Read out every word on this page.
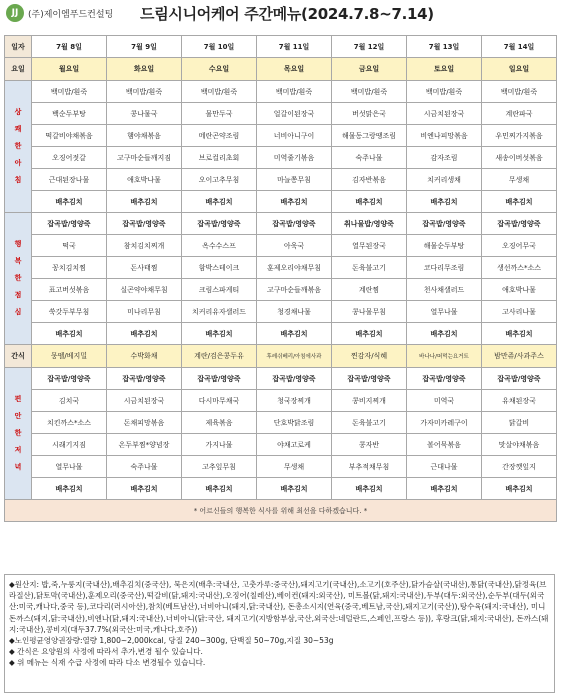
JJ	(주)제이엠푸드컨설팅 드림시니어케어 주간메뉴(2024.7.8~7.14)
일자	7월 8일	7월 9일	7월 10일	7월 11일	7월 12일	7월 13일	7월 14일
요일	월요일	화요일	수요일	목요일	금요일	토요일	일요일
상
쾌
한
아
침	백미밥/흰죽	백미밥/흰죽	백미밥/흰죽	백미밥/흰죽	백미밥/흰죽	백미밥/흰죽	백미밥/흰죽
	백순두부탕	콩나물국	물만두국	얼갈이된장국	버섯맑은국	시금치된장국	계란파국
	떡갈비야채볶음	햄야채볶음	메란곤약조림	너비아니구이	해물동그랑땡조림	비엔나피망볶음	우민찌가지볶음
	오징어젓갈	고구마순들깨지짐	브로컬리초회	미역줄기볶음	숙주나물	감자조림	새송이버섯볶음
	근대된장나물	애호박나물	오이고추무침	마늘쫑무침	김자반볶음	치커리생채	무생채
	배추김치	배추김치	배추김치	배추김치	배추김치	배추김치	배추김치
행
복
한
점
심	잡곡밥/영양죽	잡곡밥/영양죽	잡곡밥/영양죽	잡곡밥/영양죽	취나물밥/영양죽	잡곡밥/영양죽	잡곡밥/영양죽
	떡국	참치김치찌개	옥수수스프	아욱국	열무된장국	해물순두부탕	오징어무국
	꽁치김치찜	돈사태찜	함박스테이크	훈제오리야채무침	돈육불고기	코다리무조림	생선까스*소스
	표고버섯볶음	실곤약야채무침	크림스파게티	고구마순들깨볶음	계란찜	천사채샐러드	애호박나물
	쑥갓두부무침	미나리무침	치커리유자샐러드	청경채나물	콩나물무침	열무나물	고사리나물
	배추김치	배추김치	배추김치	배추김치	배추김치	배추김치	배추김치
간식	뭉뗄/베지밀	수박화채	계란/검은콩두유	후레쉬베리/아침에사과	찐감자/식혜	바나나/떠먹는요거트	밤만쥬/사과주스
편
안
한
저
녁	잡곡밥/영양죽	잡곡밥/영양죽	잡곡밥/영양죽	잡곡밥/영양죽	잡곡밥/영양죽	잡곡밥/영양죽	잡곡밥/영양죽
	김치국	시금치된장국	다시마무채국	청국장찌개	콩비지찌개	미역국	유채된장국
	치킨까스*소스	돈채피망볶음	제육볶음	단호박닭조림	돈육불고기	가자미카레구이	닭갈비
	시래기지짐	온두부찜*양념장	가지나물	야채고로케	콩자반	볼어묵볶음	맛살야채볶음
	열무나물	숙주나물	고추잎무침	무생채	부추적채무침	근대나물	간장깻잎지
	배추김치	배추김치	배추김치	배추김치	배추김치	배추김치	배추김치
* 어르신들의 행복한 식사를 위해 최선을 다하겠습니다. *							

◆원산지: 밥,죽,누룽지(국내산),배추김치(중국산), 묵은지(배추:국내산, 고춧가루:중국산),돼지고기(국내산),소고기(호주산),닭가슴살(국내산),통닭(국내산),닭정육(브라질산),닭토막(국내산),훈제오리(중국산),떡갈비(닭,돼지:국내산),오징어(칠레산),베이컨(돼지:외국산), 미트볼(닭,돼지:국내산),두부(대두:외국산),순두부(대두(외국산:미국,캐나다,중국 등),코다리(러시아산),참치(베트남산),너비아니(돼지,닭:국내산), 돈총소시지(연육(중국,베트남,국산),돼지고기(국산)),탕수육(돼지:국내산), 미니돈까스(돼지,닭:국내산),비엔나(닭,돼지:국내산),너비아니(닭:국산, 돼지고기(지방함부삼,국산,외국산:네덜란드,스페인,프랑스 등)), 후랑크(닭,돼지:국내산), 돈까스(돼지:국내산),콩비지(대두37.7%(외국산:미국,캐나다,호주))

◆노인평균영양권장량:열량 1,800~2,000kcal, 당질 240~300g, 단백질 50~70g,지질 30~53g

◆ 간식은 요양원의 사정에 따라서 추가,변경 될수 있습니다.

◆ 위 메뉴는 식재 수급 사정에 따라 다소 변경될수 있습니다.
